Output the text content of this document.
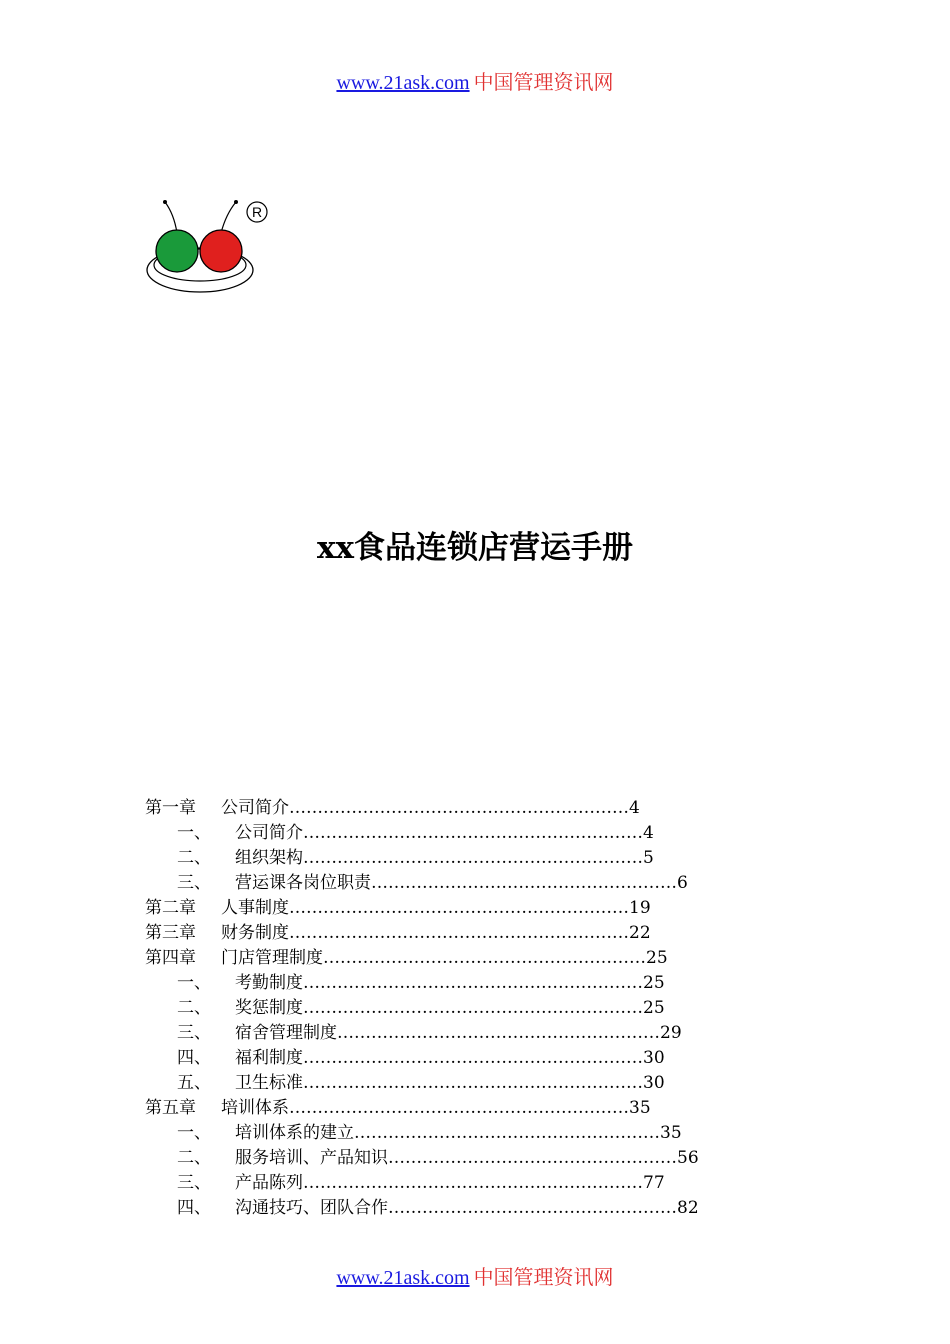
www.21ask.com 中国管理资讯网
R
xx食品连锁店营运手册
第一章 公司简介……………………………………………………4
一、 公司简介……………………………………………………4
二、 组织架构……………………………………………………5
三、 营运课各岗位职责………………………………………………6
第二章 人事制度……………………………………………………19
第三章 财务制度……………………………………………………22
第四章 门店管理制度…………………………………………………25
一、 考勤制度……………………………………………………25
二、 奖惩制度……………………………………………………25
三、 宿舍管理制度…………………………………………………29
四、 福利制度……………………………………………………30
五、 卫生标准……………………………………………………30
第五章 培训体系……………………………………………………35
一、 培训体系的建立………………………………………………35
二、 服务培训、产品知识……………………………………………56
三、 产品陈列……………………………………………………77
四、 沟通技巧、团队合作……………………………………………82
www.21ask.com 中国管理资讯网
